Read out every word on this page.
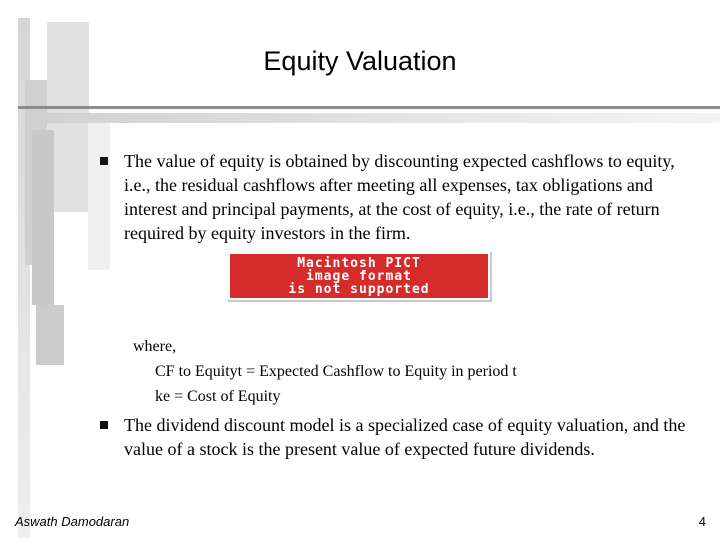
Equity Valuation
The value of equity is obtained by discounting expected cashflows to equity, i.e., the residual cashflows after meeting all expenses, tax obligations and interest and principal payments, at the cost of equity, i.e., the rate of return required by equity investors in the firm.
Macintosh PICT
image format
is not supported
where,
CF to Equityt = Expected Cashflow to Equity in period t
ke = Cost of Equity
The dividend discount model is a specialized case of equity valuation, and the value of a stock is the present value of expected future dividends.
Aswath Damodaran	4
